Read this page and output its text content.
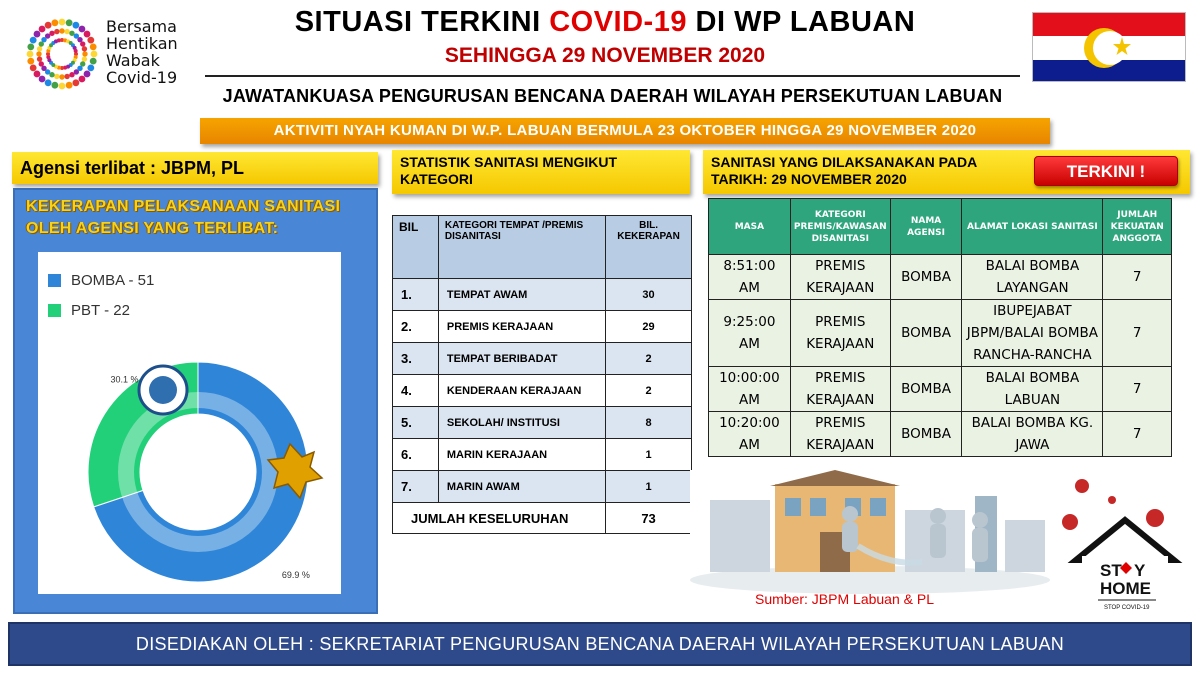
Bersama
Hentikan
Wabak
Covid-19
SITUASI TERKINI COVID-19 DI WP LABUAN
SEHINGGA 29 NOVEMBER 2020
JAWATANKUASA PENGURUSAN BENCANA DAERAH WILAYAH PERSEKUTUAN LABUAN
AKTIVITI NYAH KUMAN DI W.P. LABUAN BERMULA 23 OKTOBER HINGGA 29 NOVEMBER 2020
Agensi terlibat : JBPM, PL	STATISTIK SANITASI MENGIKUT KATEGORI
SANITASI YANG DILAKSANAKAN PADA TARIKH: 29 NOVEMBER 2020	TERKINI !
KEKERAPAN PELAKSANAAN SANITASI
OLEH AGENSI YANG TERLIBAT:
BOMBA - 51
PBT - 22
69.9 %
30.1 %
BIL	KATEGORI TEMPAT /PREMIS DISANITASI	BIL. KEKERAPAN
1.	TEMPAT AWAM	30
2.	PREMIS KERAJAAN	29
3.	TEMPAT BERIBADAT	2
4.	KENDERAAN KERAJAAN	2
5.	SEKOLAH/ INSTITUSI	8
6.	MARIN KERAJAAN	1
7.	MARIN AWAM	1
JUMLAH KESELURUHAN		73
MASA	KATEGORI PREMIS/KAWASAN DISANITASI	NAMA AGENSI	ALAMAT LOKASI SANITASI	JUMLAH KEKUATAN ANGGOTA
8:51:00 AM	PREMIS KERAJAAN	BOMBA	BALAI BOMBA LAYANGAN	7
9:25:00 AM	PREMIS KERAJAAN	BOMBA	IBUPEJABAT JBPM/BALAI BOMBA RANCHA-RANCHA	7
10:00:00 AM	PREMIS KERAJAAN	BOMBA	BALAI BOMBA LABUAN	7
10:20:00 AM	PREMIS KERAJAAN	BOMBA	BALAI BOMBA KG. JAWA	7
Sumber: JBPM Labuan & PL
ST Y
HOME
STOP COVID-19
DISEDIAKAN OLEH : SEKRETARIAT PENGURUSAN BENCANA DAERAH WILAYAH PERSEKUTUAN LABUAN
